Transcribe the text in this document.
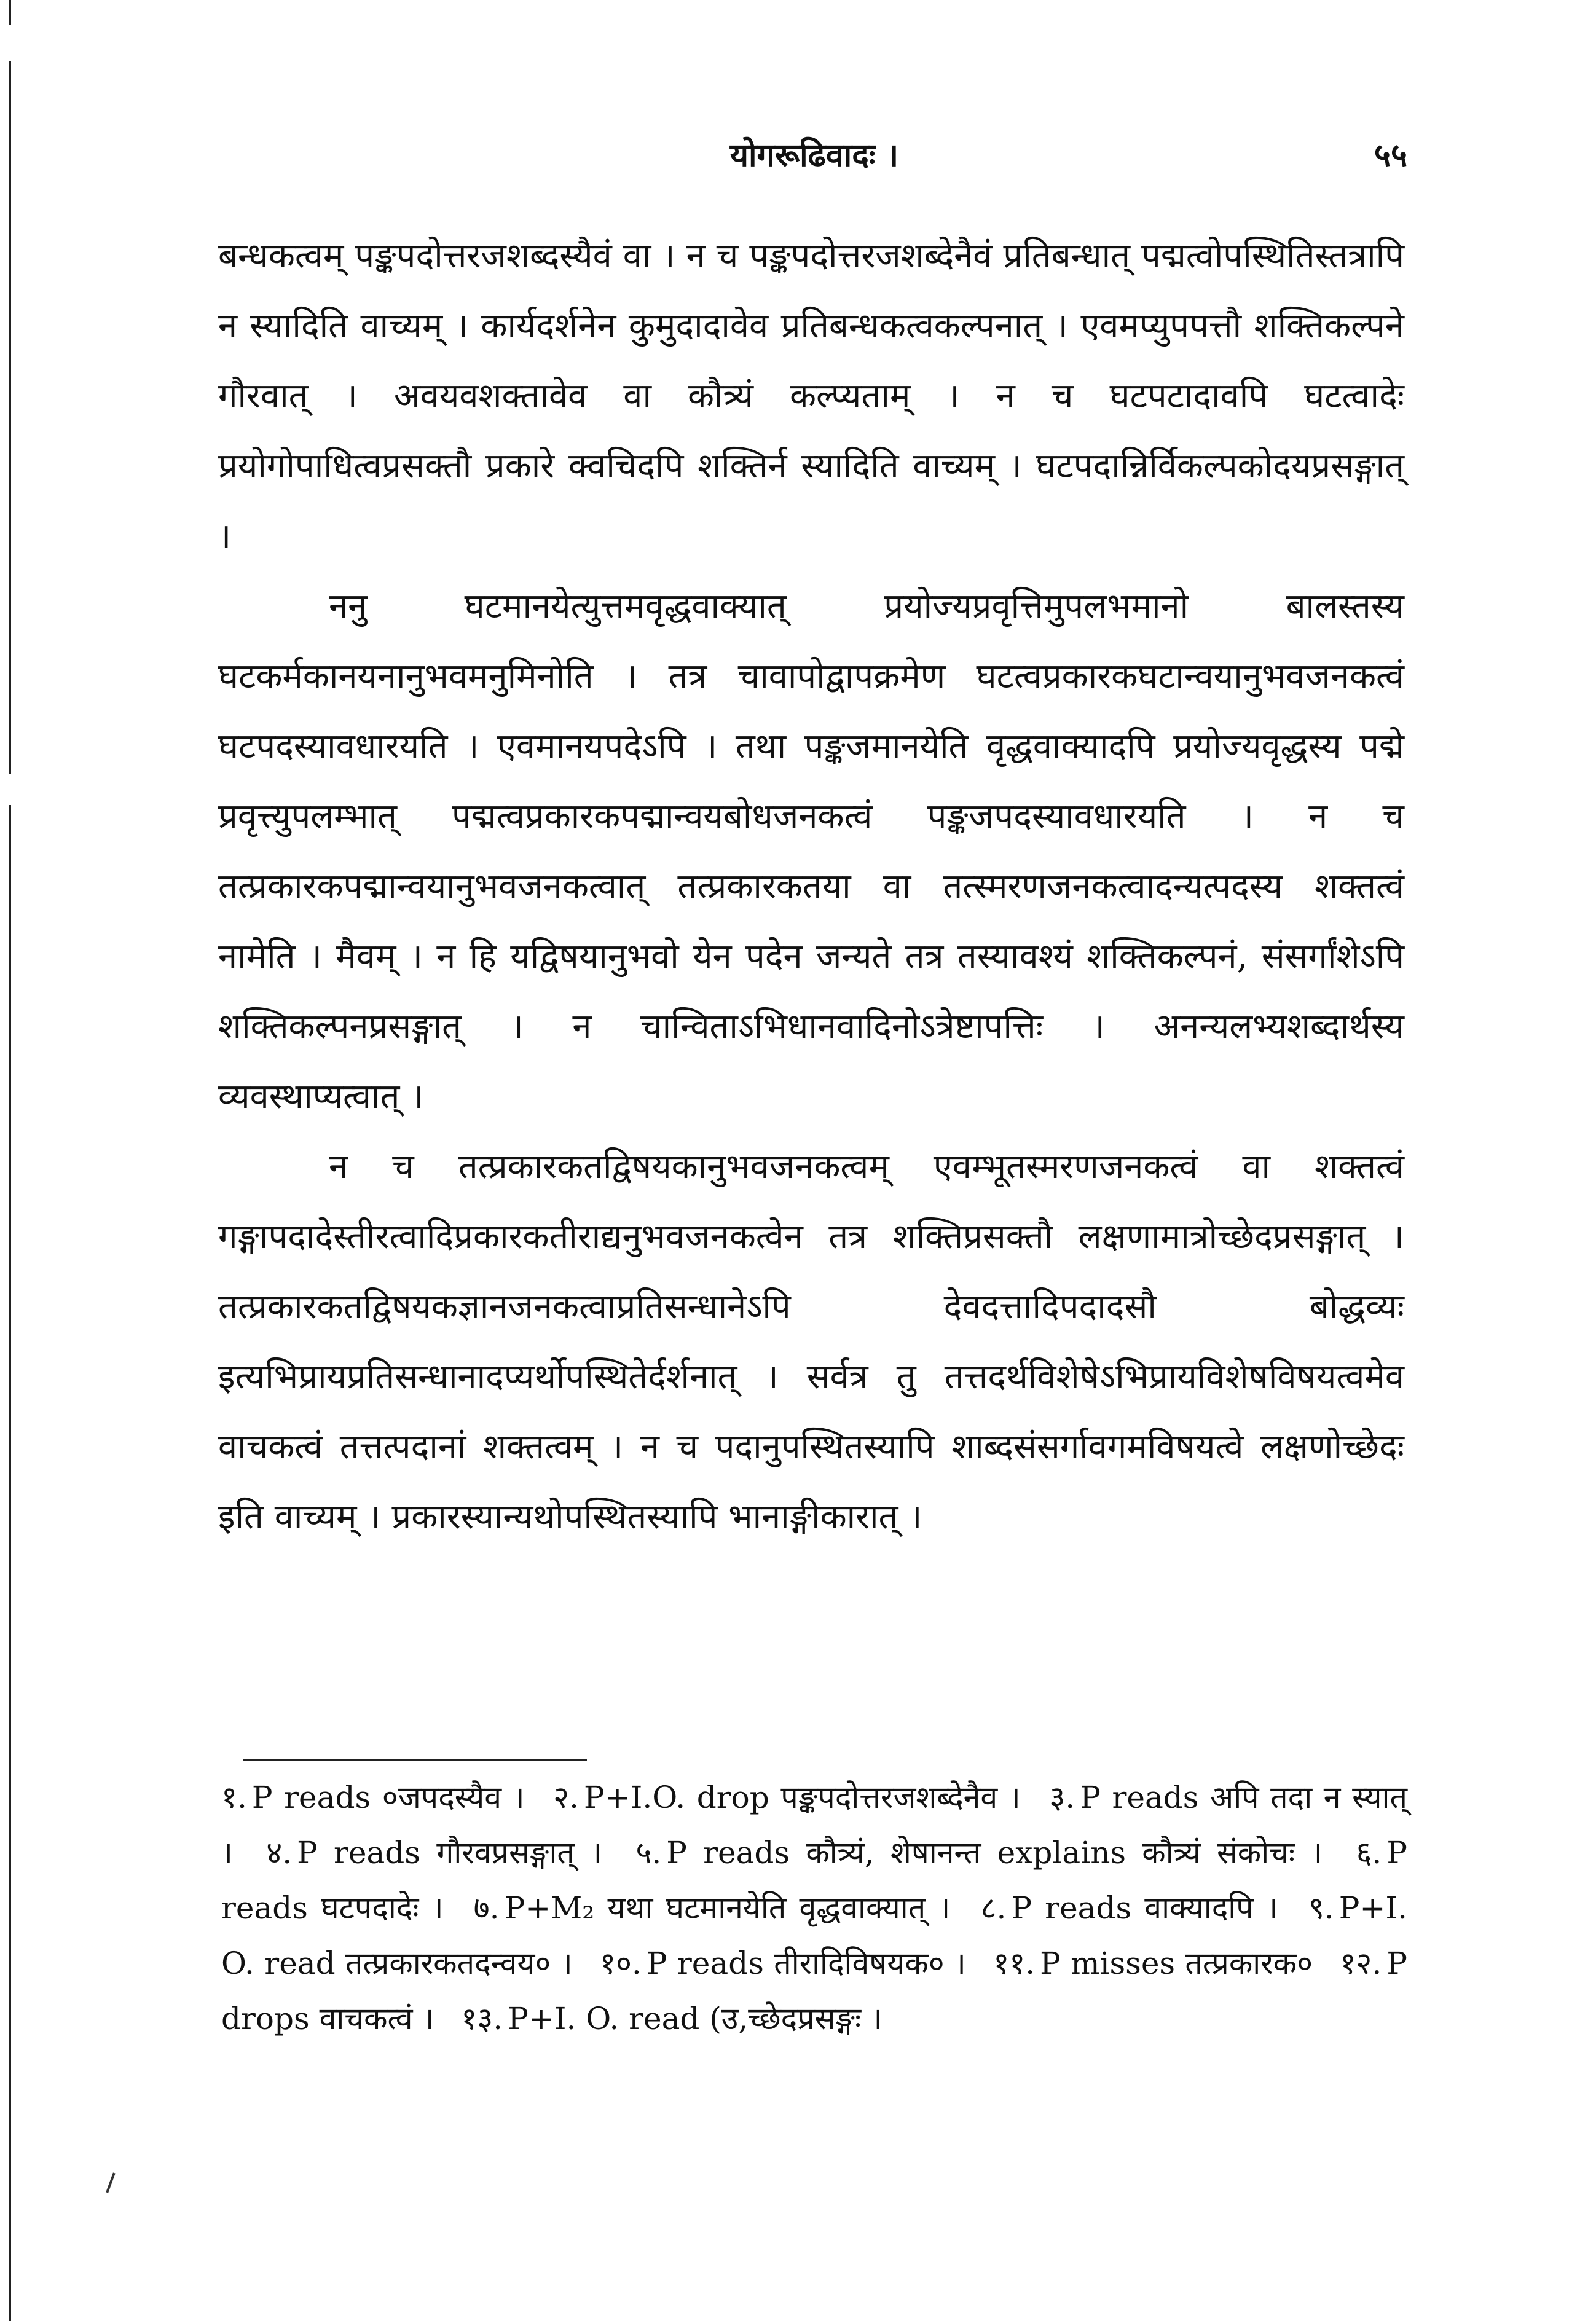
योगरूढिवादः ।	५५

बन्धकत्वम् पङ्कपदोत्तरजशब्दस्यैवं वा । न च पङ्कपदोत्तरजशब्देनैवं प्रतिबन्धात् पद्मत्वोपस्थितिस्तत्रापि न स्यादिति वाच्यम् । कार्यदर्शनेन कुमुदादावेव प्रतिबन्धकत्वकल्पनात् । एवमप्युपपत्तौ शक्तिकल्पने गौरवात् । अवयवशक्तावेव वा कौत्र्यं कल्प्यताम् । न च घटपटादावपि घटत्वादेः प्रयोगोपाधित्वप्रसक्तौ प्रकारे क्वचिदपि शक्तिर्न स्यादिति वाच्यम् । घटपदान्निर्विकल्पकोदयप्रसङ्गात् ।

ननु घटमानयेत्युत्तमवृद्धवाक्यात् प्रयोज्यप्रवृत्तिमुपलभमानो बालस्तस्य घटकर्मकानयनानुभवमनुमिनोति । तत्र चावापोद्वापक्रमेण घटत्वप्रकारकघटान्वयानुभवजनकत्वं घटपदस्यावधारयति । एवमानयपदेऽपि । तथा पङ्कजमानयेति वृद्धवाक्यादपि प्रयोज्यवृद्धस्य पद्मे प्रवृत्त्युपलम्भात् पद्मत्वप्रकारकपद्मान्वयबोधजनकत्वं पङ्कजपदस्यावधारयति । न च तत्प्रकारकपद्मान्वयानुभवजनकत्वात् तत्प्रकारकतया वा तत्स्मरणजनकत्वादन्यत्पदस्य शक्तत्वं नामेति । मैवम् । न हि यद्विषयानुभवो येन पदेन जन्यते तत्र तस्यावश्यं शक्तिकल्पनं, संसर्गांशेऽपि शक्तिकल्पनप्रसङ्गात् । न चान्विताऽभिधानवादिनोऽत्रेष्टापत्तिः । अनन्यलभ्यशब्दार्थस्य व्यवस्थाप्यत्वात् ।

न च तत्प्रकारकतद्विषयकानुभवजनकत्वम् एवम्भूतस्मरणजनकत्वं वा शक्तत्वं गङ्गापदादेस्तीरत्वादिप्रकारकतीराद्यनुभवजनकत्वेन तत्र शक्तिप्रसक्तौ लक्षणामात्रोच्छेदप्रसङ्गात् । तत्प्रकारकतद्विषयकज्ञानजनकत्वाप्रतिसन्धानेऽपि देवदत्तादिपदादसौ बोद्धव्यः इत्यभिप्रायप्रतिसन्धानादप्यर्थोपस्थितेर्दर्शनात् । सर्वत्र तु तत्तदर्थविशेषेऽभिप्रायविशेषविषयत्वमेव वाचकत्वं तत्तत्पदानां शक्तत्वम् । न च पदानुपस्थितस्यापि शाब्दसंसर्गावगमविषयत्वे लक्षणोच्छेदः इति वाच्यम् । प्रकारस्यान्यथोपस्थितस्यापि भानाङ्गीकारात् ।

१. P reads ०जपदस्यैव । २. P+I.O. drop पङ्कपदोत्तरजशब्देनैव । ३. P reads अपि तदा न स्यात् । ४. P reads गौरवप्रसङ्गात् । ५. P reads कौत्र्यं, शेषानन्त explains कौत्र्यं संकोचः । ६. P reads घटपदादेः । ७. P+M₂ यथा घटमानयेति वृद्धवाक्यात् । ८. P reads वाक्यादपि । ९. P+I. O. read तत्प्रकारकतदन्वय० । १०. P reads तीरादिविषयक० । ११. P misses तत्प्रकारक० १२. P drops वाचकत्वं । १३. P+I. O. read (उ,च्छेदप्रसङ्गः ।
